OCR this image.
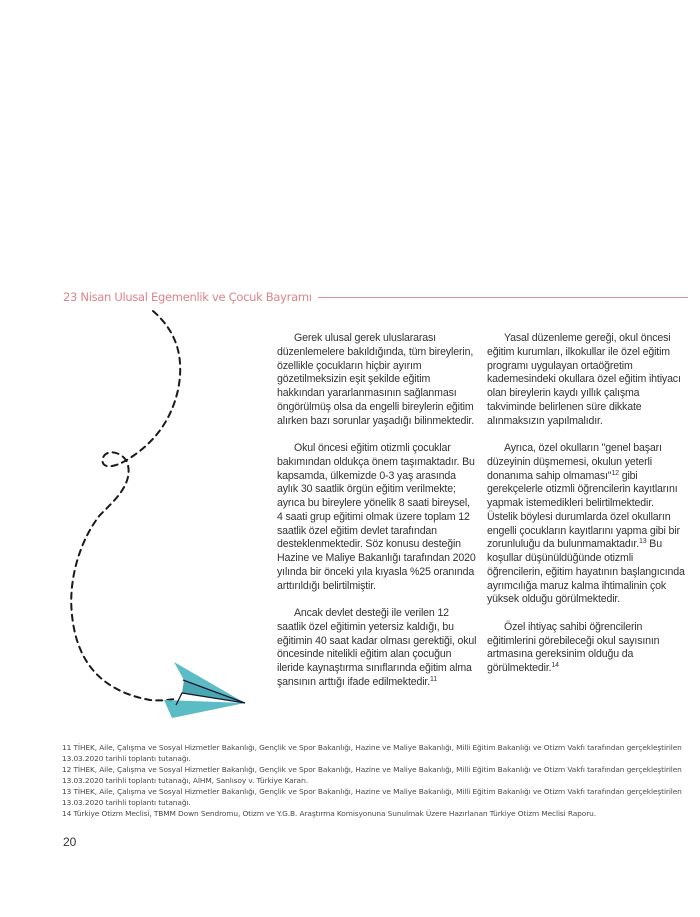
23 Nisan Ulusal Egemenlik ve Çocuk Bayramı

Gerek ulusal gerek uluslararası düzenlemelere bakıldığında, tüm bireylerin, özellikle çocukların hiçbir ayırım gözetilmeksizin eşit şekilde eğitim hakkından yararlanmasının sağlanması öngörülmüş olsa da engelli bireylerin eğitim alırken bazı sorunlar yaşadığı bilinmektedir.

Okul öncesi eğitim otizmli çocuklar bakımından oldukça önem taşımaktadır. Bu kapsamda, ülkemizde 0-3 yaş arasında aylık 30 saatlik örgün eğitim verilmekte; ayrıca bu bireylere yönelik 8 saati bireysel, 4 saati grup eğitimi olmak üzere toplam 12 saatlik özel eğitim devlet tarafından desteklenmektedir. Söz konusu desteğin Hazine ve Maliye Bakanlığı tarafından 2020 yılında bir önceki yıla kıyasla %25 oranında arttırıldığı belirtilmiştir.

Ancak devlet desteği ile verilen 12 saatlik özel eğitimin yetersiz kaldığı, bu eğitimin 40 saat kadar olması gerektiği, okul öncesinde nitelikli eğitim alan çocuğun ileride kaynaştırma sınıflarında eğitim alma şansının arttığı ifade edilmektedir.$^{11}$

Yasal düzenleme gereği, okul öncesi eğitim kurumları, ilkokullar ile özel eğitim programı uygulayan ortaöğretim kademesindeki okullara özel eğitim ihtiyacı olan bireylerin kaydı yıllık çalışma takviminde belirlenen süre dikkate alınmaksızın yapılmalıdır.

Ayrıca, özel okulların "genel başarı düzeyinin düşmemesi, okulun yeterli donanıma sahip olmaması"$^{12}$ gibi gerekçelerle otizmli öğrencilerin kayıtlarını yapmak istemedikleri belirtilmektedir. Üstelik böylesi durumlarda özel okulların engelli çocukların kayıtlarını yapma gibi bir zorunluluğu da bulunmamaktadır.$^{13}$ Bu koşullar düşünüldüğünde otizmli öğrencilerin, eğitim hayatının başlangıcında ayrımcılığa maruz kalma ihtimalinin çok yüksek olduğu görülmektedir.

Özel ihtiyaç sahibi öğrencilerin eğitimlerini görebileceği okul sayısının artmasına gereksinim olduğu da görülmektedir.$^{14}$

11 TİHEK, Aile, Çalışma ve Sosyal Hizmetler Bakanlığı, Gençlik ve Spor Bakanlığı, Hazine ve Maliye Bakanlığı, Milli Eğitim Bakanlığı ve Otizm Vakfı tarafından gerçekleştirilen 13.03.2020 tarihli toplantı tutanağı.

12 TİHEK, Aile, Çalışma ve Sosyal Hizmetler Bakanlığı, Gençlik ve Spor Bakanlığı, Hazine ve Maliye Bakanlığı, Milli Eğitim Bakanlığı ve Otizm Vakfı tarafından gerçekleştirilen 13.03.2020 tarihli toplantı tutanağı, AİHM, Sanlısoy v. Türkiye Kararı.

13 TİHEK, Aile, Çalışma ve Sosyal Hizmetler Bakanlığı, Gençlik ve Spor Bakanlığı, Hazine ve Maliye Bakanlığı, Milli Eğitim Bakanlığı ve Otizm Vakfı tarafından gerçekleştirilen 13.03.2020 tarihli toplantı tutanağı.

14 Türkiye Otizm Meclisi, TBMM Down Sendromu, Otizm ve Y.G.B. Araştırma Komisyonuna Sunulmak Üzere Hazırlanan Türkiye Otizm Meclisi Raporu.

20
